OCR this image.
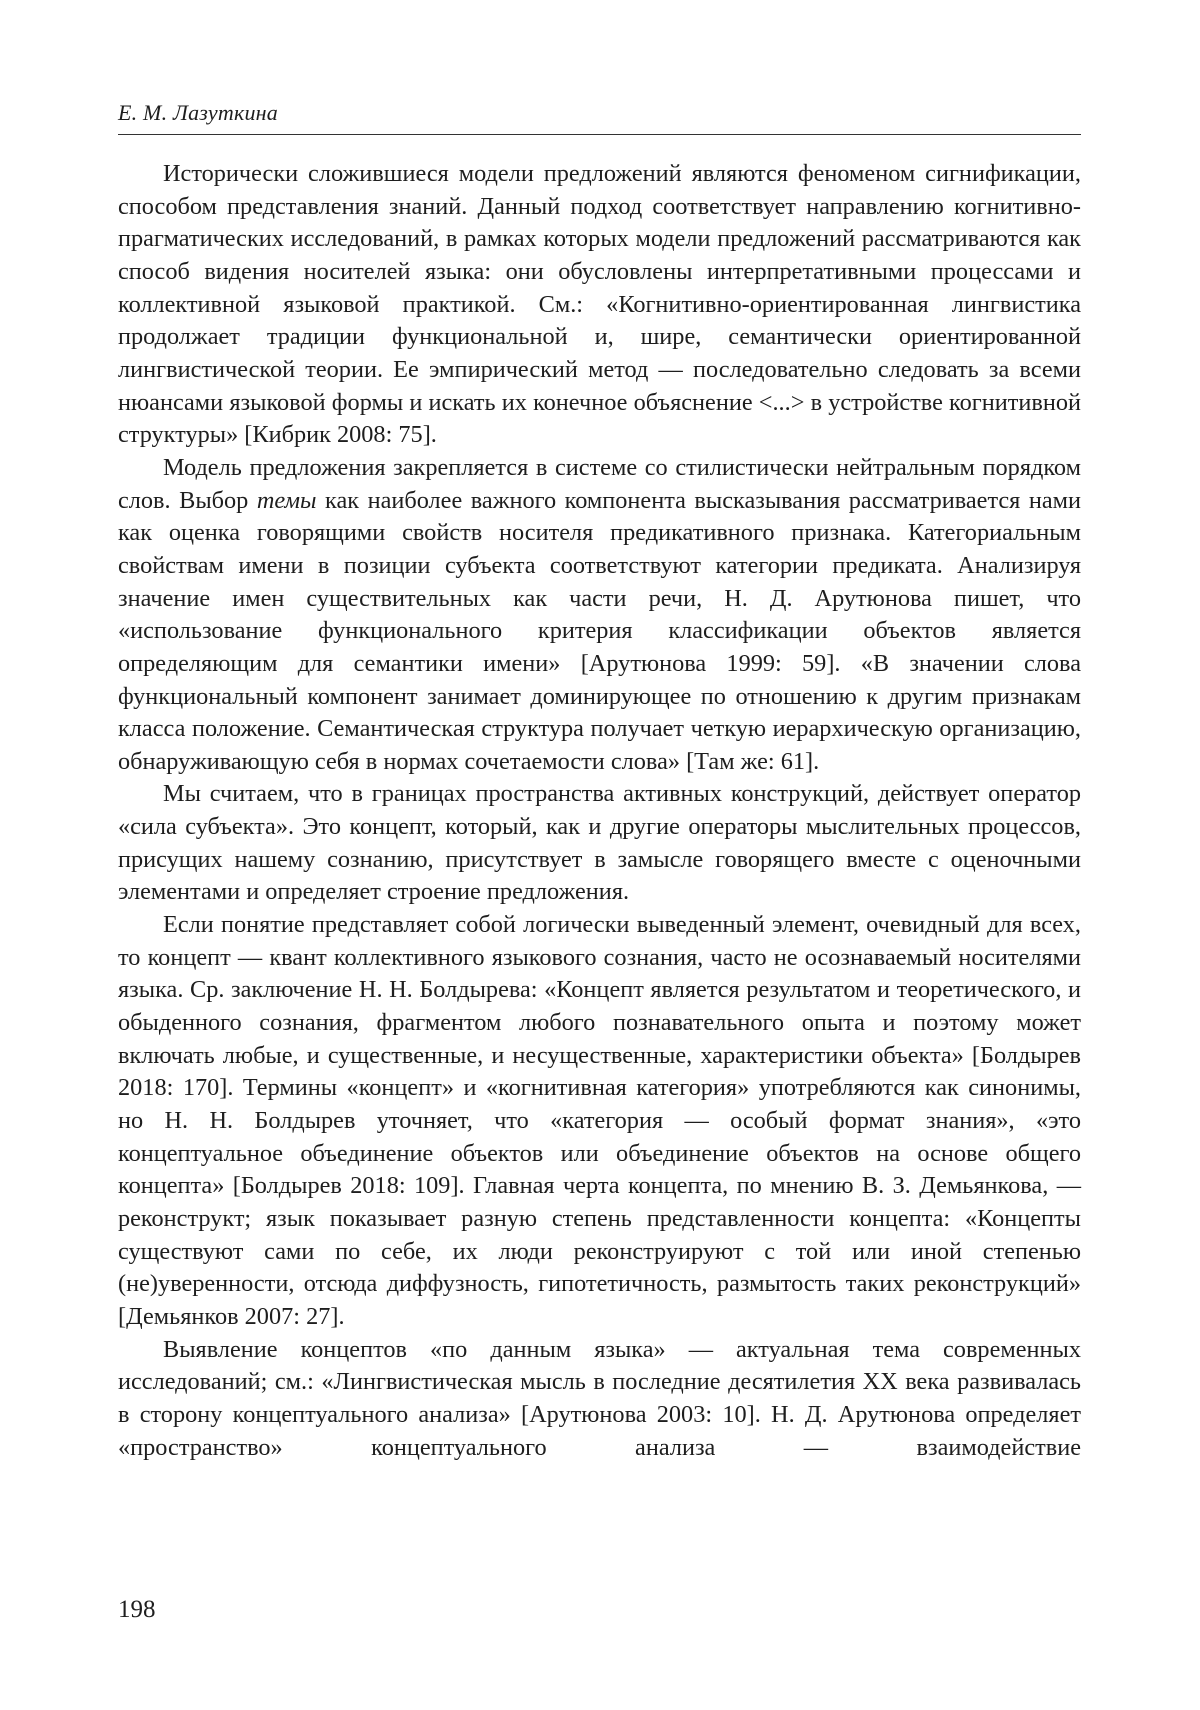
Е. М. Лазуткина

Исторически сложившиеся модели предложений являются феноменом сигнификации, способом представления знаний. Данный подход соответствует направлению когнитивно-прагматических исследований, в рамках которых модели предложений рассматриваются как способ видения носителей языка: они обусловлены интерпретативными процессами и коллективной языковой практикой. См.: «Когнитивно-ориентированная лингвистика продолжает традиции функциональной и, шире, семантически ориентированной лингвистической теории. Ее эмпирический метод — последовательно следовать за всеми нюансами языковой формы и искать их конечное объяснение <...> в устройстве когнитивной структуры» [Кибрик 2008: 75].

Модель предложения закрепляется в системе со стилистически нейтральным порядком слов. Выбор темы как наиболее важного компонента высказывания рассматривается нами как оценка говорящими свойств носителя предикативного признака. Категориальным свойствам имени в позиции субъекта соответствуют категории предиката. Анализируя значение имен существительных как части речи, Н. Д. Арутюнова пишет, что «использование функционального критерия классификации объектов является определяющим для семантики имени» [Арутюнова 1999: 59]. «В значении слова функциональный компонент занимает доминирующее по отношению к другим признакам класса положение. Семантическая структура получает четкую иерархическую организацию, обнаруживающую себя в нормах сочетаемости слова» [Там же: 61].

Мы считаем, что в границах пространства активных конструкций, действует оператор «сила субъекта». Это концепт, который, как и другие операторы мыслительных процессов, присущих нашему сознанию, присутствует в замысле говорящего вместе с оценочными элементами и определяет строение предложения.

Если понятие представляет собой логически выведенный элемент, очевидный для всех, то концепт — квант коллективного языкового сознания, часто не осознаваемый носителями языка. Ср. заключение Н. Н. Болдырева: «Концепт является результатом и теоретического, и обыденного сознания, фрагментом любого познавательного опыта и поэтому может включать любые, и существенные, и несущественные, характеристики объекта» [Болдырев 2018: 170]. Термины «концепт» и «когнитивная категория» употребляются как синонимы, но Н. Н. Болдырев уточняет, что «категория — особый формат знания», «это концептуальное объединение объектов или объединение объектов на основе общего концепта» [Болдырев 2018: 109]. Главная черта концепта, по мнению В. З. Демьянкова, — реконструкт; язык показывает разную степень представленности концепта: «Концепты существуют сами по себе, их люди реконструируют с той или иной степенью (не)уверенности, отсюда диффузность, гипотетичность, размытость таких реконструкций» [Демьянков 2007: 27].

Выявление концептов «по данным языка» — актуальная тема современных исследований; см.: «Лингвистическая мысль в последние десятилетия XX века развивалась в сторону концептуального анализа» [Арутюнова 2003: 10]. Н. Д. Арутюнова определяет «пространство» концептуального анализа — взаимодействие

198
